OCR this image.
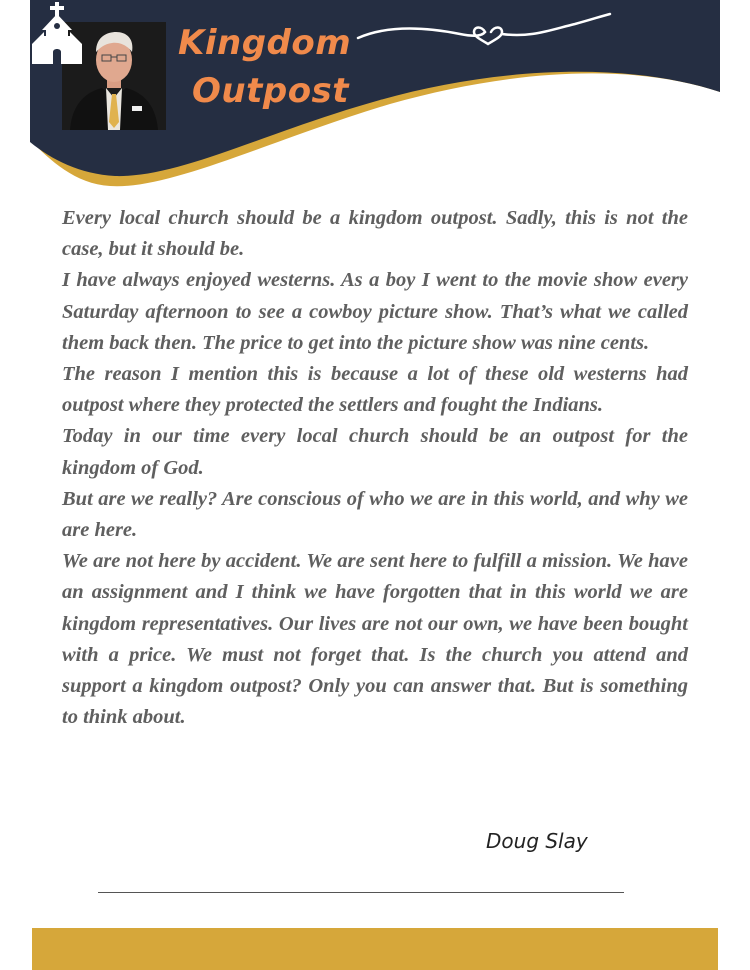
Kingdom
Outpost

Every local church should be a kingdom outpost. Sadly, this is not the case, but it should be.

I have always enjoyed westerns. As a boy I went to the movie show every Saturday afternoon to see a cowboy picture show. That’s what we called them back then. The price to get into the picture show was nine cents.

The reason I mention this is because a lot of these old westerns had outpost where they protected the settlers and fought the Indians.

Today in our time every local church should be an outpost for the kingdom of God.

But are we really? Are conscious of who we are in this world, and why we are here.

We are not here by accident. We are sent here to fulfill a mission. We have an assignment and I think we have forgotten that in this world we are kingdom representatives. Our lives are not our own, we have been bought with a price. We must not forget that. Is the church you attend and support a kingdom outpost? Only you can answer that. But is something to think about.

Doug Slay
